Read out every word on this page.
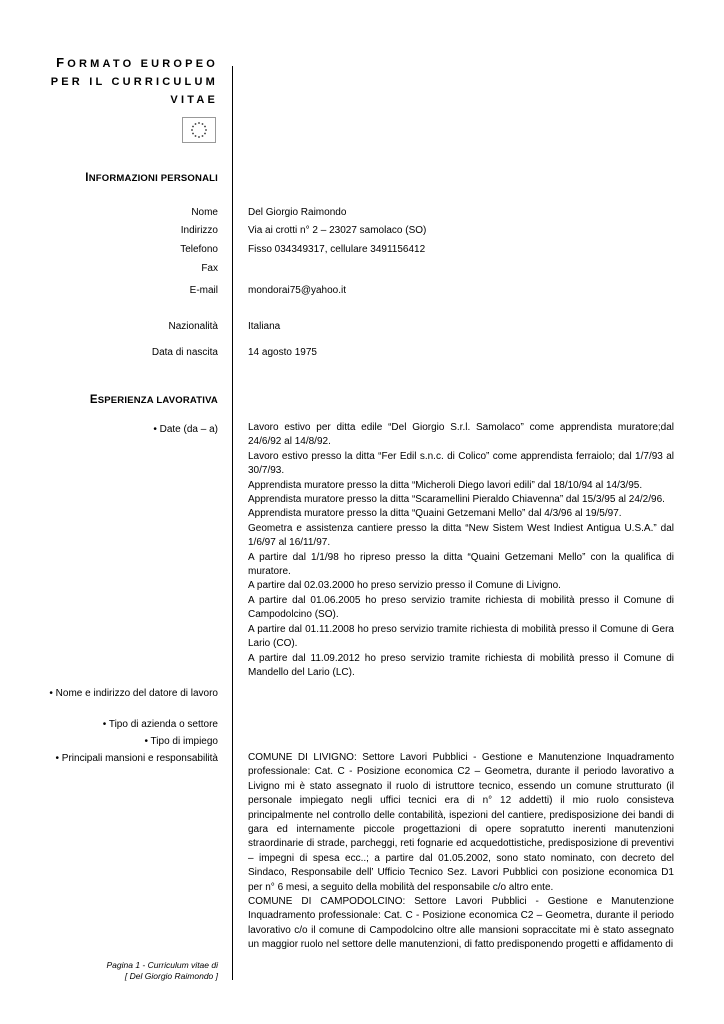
FORMATO EUROPEO
PER IL CURRICULUM
VITAE
INFORMAZIONI PERSONALI
Nome	Del Giorgio Raimondo
Indirizzo	Via ai crotti n° 2 – 23027 samolaco (SO)
Telefono	Fisso 034349317, cellulare 3491156412
Fax
E-mail	mondorai75@yahoo.it
Nazionalità	Italiana
Data di nascita	14 agosto 1975
ESPERIENZA LAVORATIVA
• Date (da – a)	Lavoro estivo per ditta edile “Del Giorgio S.r.l. Samolaco” come apprendista muratore;dal 24/6/92 al 14/8/92.

Lavoro estivo presso la ditta “Fer Edil s.n.c. di Colico” come apprendista ferraiolo; dal 1/7/93 al 30/7/93.

Apprendista muratore presso la ditta “Micheroli Diego lavori edili” dal 18/10/94 al 14/3/95.

Apprendista muratore presso la ditta “Scaramellini Pieraldo Chiavenna” dal 15/3/95 al 24/2/96.

Apprendista muratore presso la ditta “Quaini Getzemani Mello” dal 4/3/96 al 19/5/97.

Geometra e assistenza cantiere presso la ditta “New Sistem West Indiest Antigua U.S.A.” dal 1/6/97 al 16/11/97.

A partire dal 1/1/98 ho ripreso presso la ditta “Quaini Getzemani Mello” con la qualifica di muratore.

A partire dal 02.03.2000 ho preso servizio presso il Comune di Livigno.

A partire dal 01.06.2005 ho preso servizio tramite richiesta di mobilità presso il Comune di Campodolcino (SO).

A partire dal 01.11.2008 ho preso servizio tramite richiesta di mobilità presso il Comune di Gera Lario (CO).

A partire dal 11.09.2012 ho preso servizio tramite richiesta di mobilità presso il Comune di Mandello del Lario (LC).

• Nome e indirizzo del datore di lavoro
• Tipo di azienda o settore
• Tipo di impiego
• Principali mansioni e responsabilità	COMUNE DI LIVIGNO: Settore Lavori Pubblici - Gestione e Manutenzione Inquadramento professionale: Cat. C - Posizione economica C2 – Geometra, durante il periodo lavorativo a Livigno mi è stato assegnato il ruolo di istruttore tecnico, essendo un comune strutturato (il personale impiegato negli uffici tecnici era di n° 12 addetti) il mio ruolo consisteva principalmente nel controllo delle contabilità, ispezioni del cantiere, predisposizione dei bandi di gara ed internamente piccole progettazioni di opere sopratutto inerenti manutenzioni straordinarie di strade, parcheggi, reti fognarie ed acquedottistiche, predisposizione di preventivi – impegni di spesa ecc..; a partire dal 01.05.2002, sono stato nominato, con decreto del Sindaco, Responsabile dell’ Ufficio Tecnico Sez. Lavori Pubblici con posizione economica D1 per n° 6 mesi, a seguito della mobilità del responsabile c/o altro ente.

COMUNE DI CAMPODOLCINO: Settore Lavori Pubblici - Gestione e Manutenzione Inquadramento professionale: Cat. C - Posizione economica C2 – Geometra, durante il periodo lavorativo c/o il comune di Campodolcino oltre alle mansioni sopraccitate mi è stato assegnato un maggior ruolo nel settore delle manutenzioni, di fatto predisponendo progetti e affidamento di

Pagina 1 - Curriculum vitae di
[ Del Giorgio Raimondo ]
